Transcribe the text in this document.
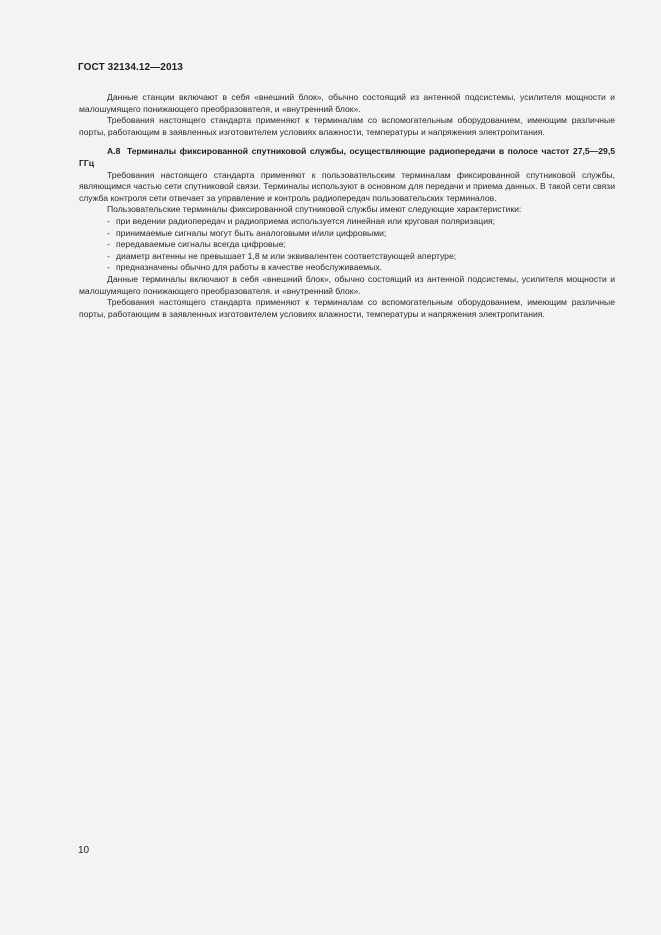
ГОСТ 32134.12—2013

Данные станции включают в себя «внешний блок», обычно состоящий из антенной подсистемы, усилителя мощности и малошумящего понижающего преобразователя, и «внутренний блок».

Требования настоящего стандарта применяют к терминалам со вспомогательным оборудованием, имеющим различные порты, работающим в заявленных изготовителем условиях влажности, температуры и напряжения электропитания.

А.8 Терминалы фиксированной спутниковой службы, осуществляющие радиопередачи в полосе частот 27,5—29,5 ГГц

Требования настоящего стандарта применяют к пользовательским терминалам фиксированной спутниковой службы, являющимся частью сети спутниковой связи. Терминалы используют в основном для передачи и приема данных. В такой сети связи служба контроля сети отвечает за управление и контроль радиопередач пользовательских терминалов.

Пользовательские терминалы фиксированной спутниковой службы имеют следующие характеристики:

- при ведении радиопередач и радиоприема используется линейная или круговая поляризация;
- принимаемые сигналы могут быть аналоговыми и/или цифровыми;
- передаваемые сигналы всегда цифровые;
- диаметр антенны не превышает 1,8 м или эквивалентен соответствующей апертуре;
- предназначены обычно для работы в качестве необслуживаемых.

Данные терминалы включают в себя «внешний блок», обычно состоящий из антенной подсистемы, усилителя мощности и малошумящего понижающего преобразователя. и «внутренний блок».

Требования настоящего стандарта применяют к терминалам со вспомогательным оборудованием, имеющим различные порты, работающим в заявленных изготовителем условиях влажности, температуры и напряжения электропитания.

10
